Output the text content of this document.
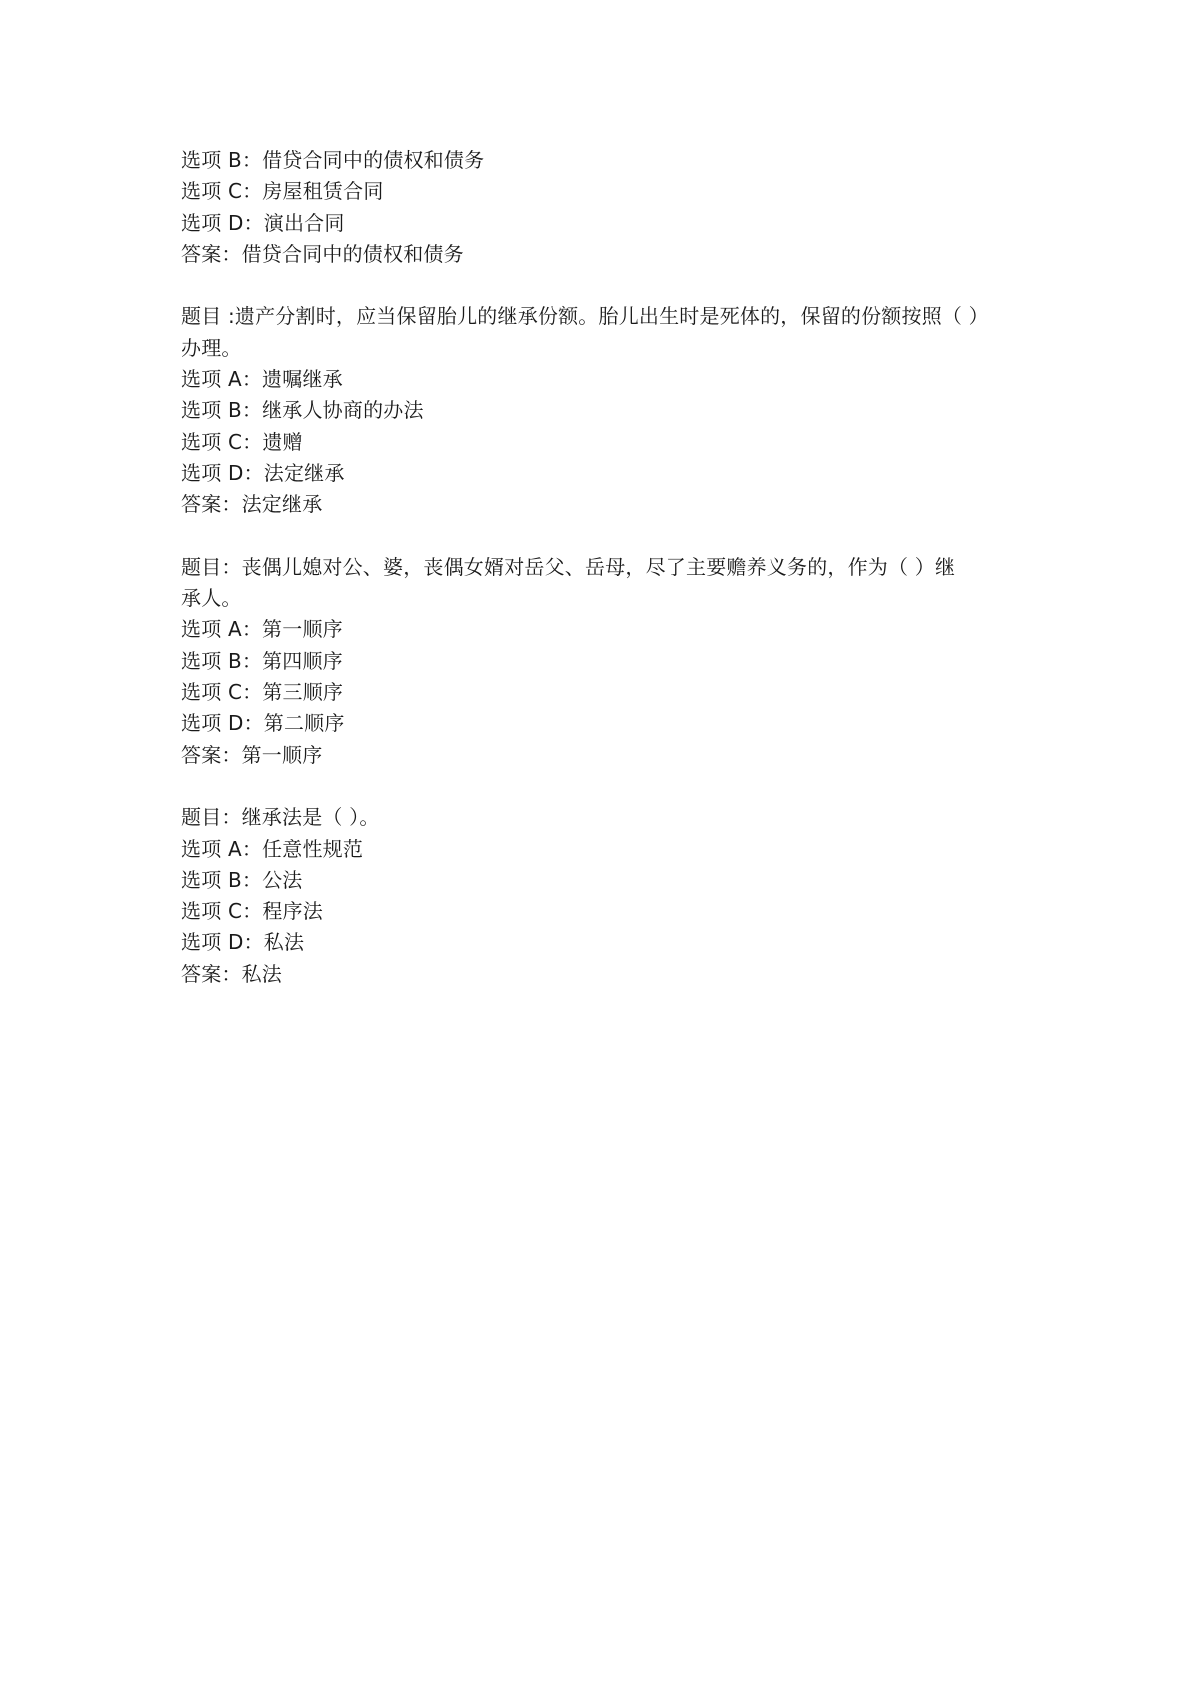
选项 B：借贷合同中的债权和债务
选项 C：房屋租赁合同
选项 D：演出合同
答案：借贷合同中的债权和债务
题目 :遗产分割时，应当保留胎儿的继承份额。胎儿出生时是死体的，保留的份额按照（ ）
办理。
选项 A：遗嘱继承
选项 B：继承人协商的办法
选项 C：遗赠
选项 D：法定继承
答案：法定继承
题目：丧偶儿媳对公、婆，丧偶女婿对岳父、岳母，尽了主要赡养义务的，作为（ ）继
承人。
选项 A：第一顺序
选项 B：第四顺序
选项 C：第三顺序
选项 D：第二顺序
答案：第一顺序
题目：继承法是（ ）。
选项 A：任意性规范
选项 B：公法
选项 C：程序法
选项 D：私法
答案：私法
